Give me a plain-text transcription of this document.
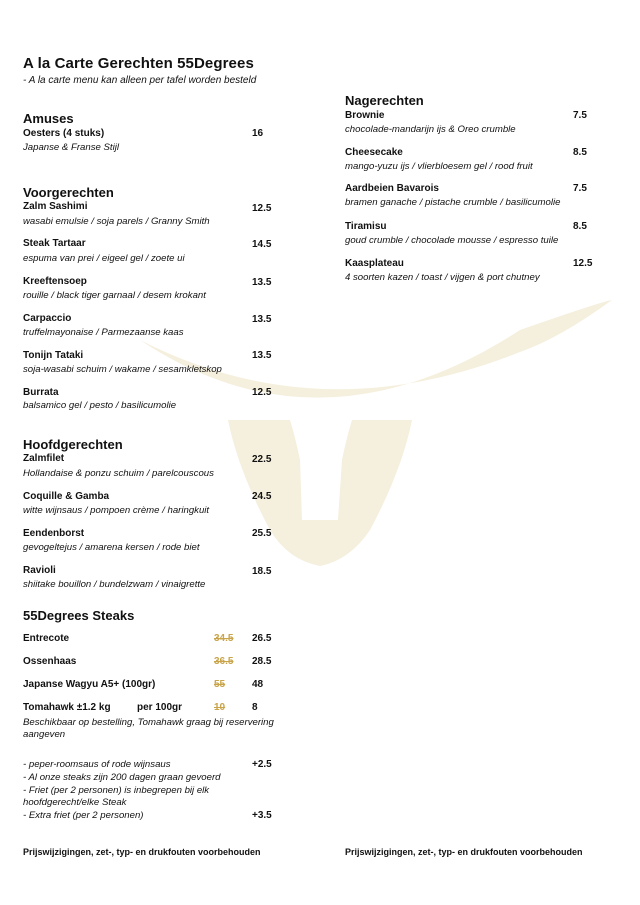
A la Carte Gerechten 55Degrees
- A la carte menu kan alleen per tafel worden besteld
Amuses
Oesters (4 stuks)	16
Japanse & Franse Stijl
Voorgerechten
Zalm Sashimi	12.5
wasabi emulsie / soja parels / Granny Smith
Steak Tartaar	14.5
espuma van prei / eigeel gel / zoete ui
Kreeftensoep	13.5
rouille / black tiger garnaal / desem krokant
Carpaccio	13.5
truffelmayonaise / Parmezaanse kaas
Tonijn Tataki	13.5
soja-wasabi schuim / wakame / sesamkletskop
Burrata	12.5
balsamico gel / pesto / basilicumolie
Hoofdgerechten
Zalmfilet	22.5
Hollandaise & ponzu schuim / parelcouscous
Coquille & Gamba	24.5
witte wijnsaus / pompoen crème / haringkuit
Eendenborst	25.5
gevogeltejus / amarena kersen / rode biet
Ravioli	18.5
shiitake bouillon / bundelzwam / vinaigrette
55Degrees Steaks
Entrecote	34.5 26.5
Ossenhaas	36.5 28.5
Japanse Wagyu A5+ (100gr)	55	48
Tomahawk ±1.2 kg	per 100gr	10	8
Beschikbaar op bestelling, Tomahawk graag bij reservering aangeven
- peper-roomsaus of rode wijnsaus	+2.5
- Al onze steaks zijn 200 dagen graan gevoerd
- Friet (per 2 personen) is inbegrepen bij elk hoofdgerecht/elke Steak
- Extra friet (per 2 personen)	+3.5
Nagerechten
Brownie	7.5
chocolade-mandarijn ijs & Oreo crumble
Cheesecake	8.5
mango-yuzu ijs / vlierbloesem gel / rood fruit
Aardbeien Bavarois	7.5
bramen ganache / pistache crumble / basilicumolie
Tiramisu	8.5
goud crumble / chocolade mousse / espresso tuile
Kaasplateau	12.5
4 soorten kazen / toast / vijgen & port chutney
Prijswijzigingen, zet-, typ- en drukfouten voorbehouden	Prijswijzigingen, zet-, typ- en drukfouten voorbehouden
